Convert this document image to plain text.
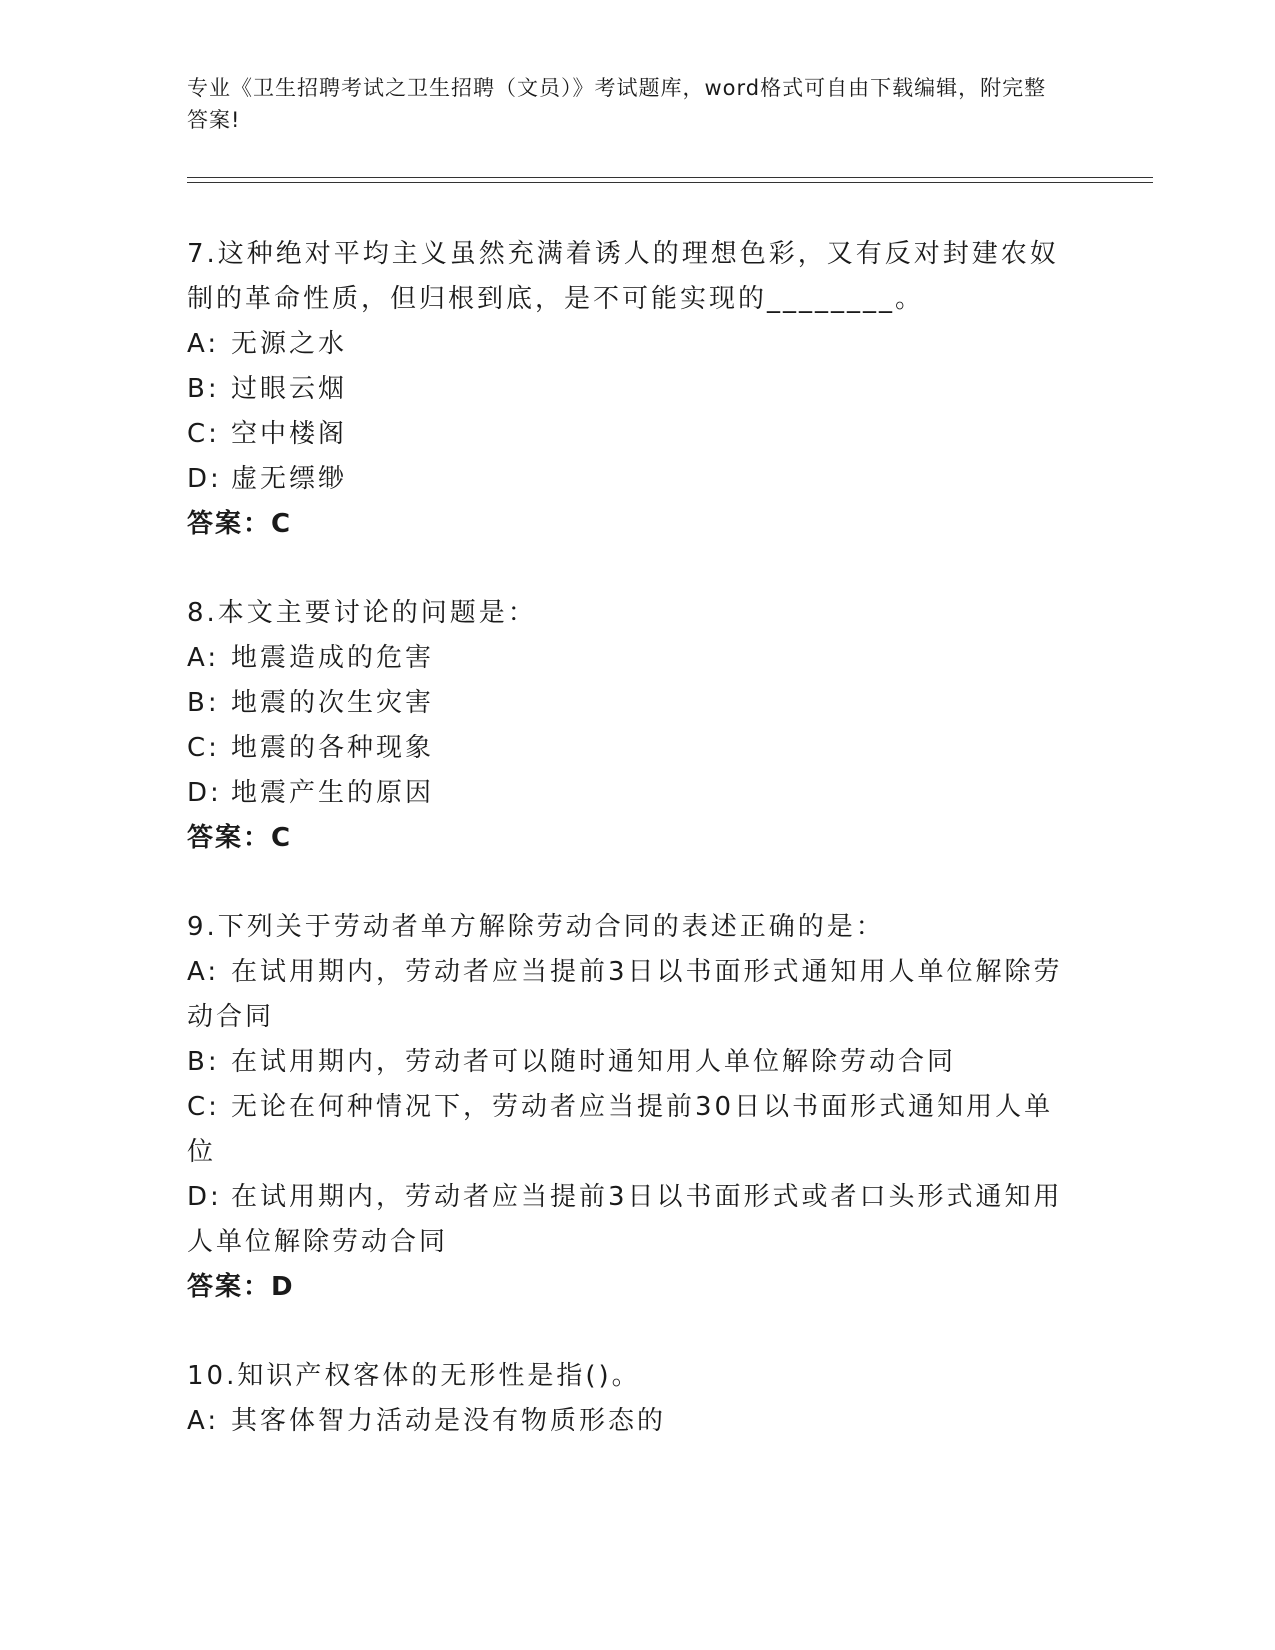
专业《卫生招聘考试之卫生招聘（文员）》考试题库，word格式可自由下载编辑，附完整答案!

7.这种绝对平均主义虽然充满着诱人的理想色彩，又有反对封建农奴制的革命性质，但归根到底，是不可能实现的________。

A: 无源之水

B: 过眼云烟

C: 空中楼阁

D: 虚无缥缈

答案：C

8.本文主要讨论的问题是：

A: 地震造成的危害

B: 地震的次生灾害

C: 地震的各种现象

D: 地震产生的原因

答案：C

9.下列关于劳动者单方解除劳动合同的表述正确的是：

A: 在试用期内，劳动者应当提前3日以书面形式通知用人单位解除劳动合同

B: 在试用期内，劳动者可以随时通知用人单位解除劳动合同

C: 无论在何种情况下，劳动者应当提前30日以书面形式通知用人单位

D: 在试用期内，劳动者应当提前3日以书面形式或者口头形式通知用人单位解除劳动合同

答案：D

10.知识产权客体的无形性是指()。

A: 其客体智力活动是没有物质形态的
